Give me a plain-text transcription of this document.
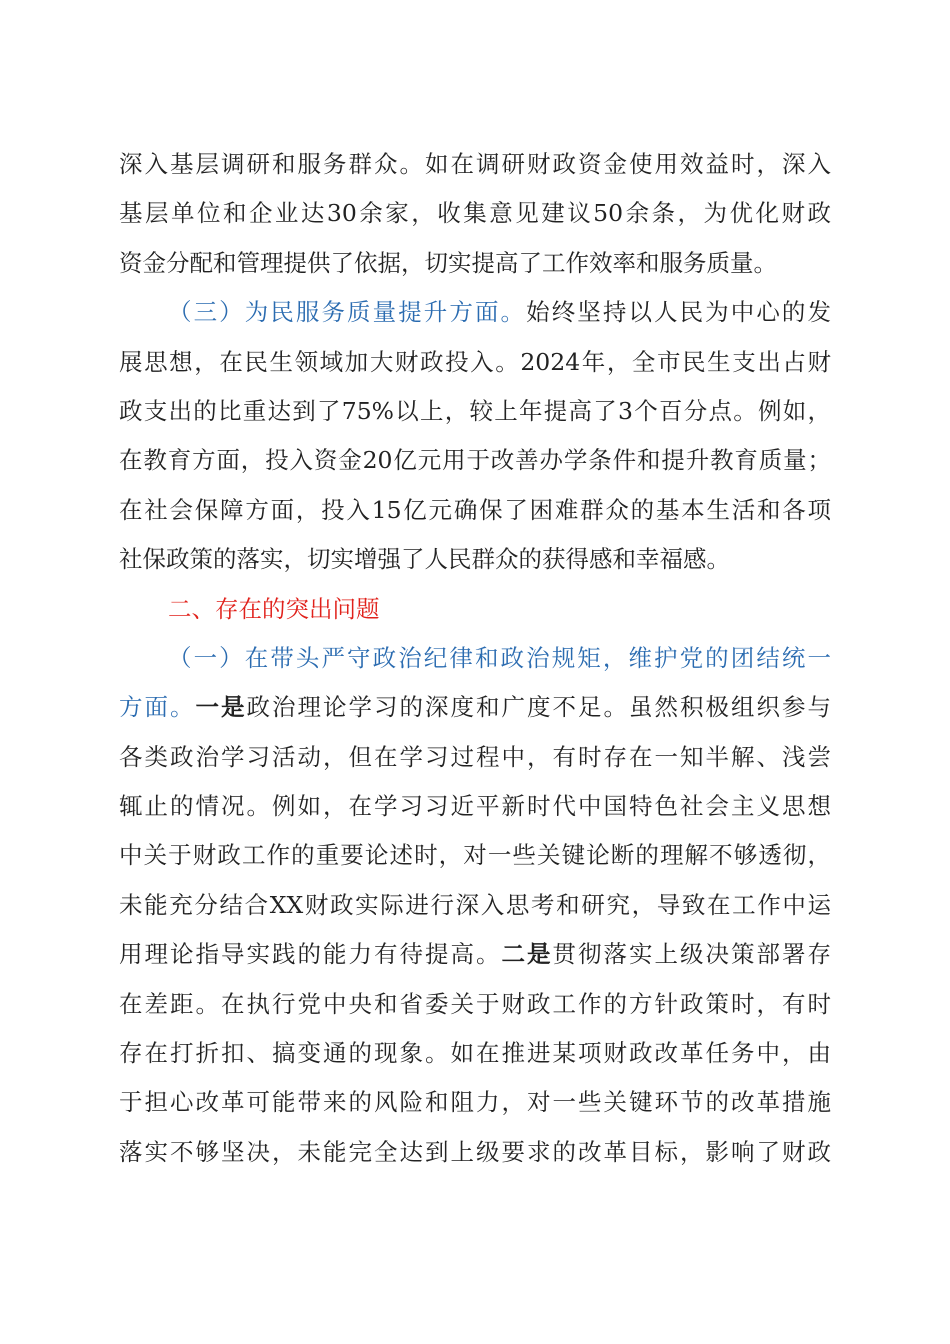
深入基层调研和服务群众。如在调研财政资金使用效益时，深入
基层单位和企业达30余家，收集意见建议50余条，为优化财政
资金分配和管理提供了依据，切实提高了工作效率和服务质量。
（三）为民服务质量提升方面。始终坚持以人民为中心的发
展思想，在民生领域加大财政投入。2024年，全市民生支出占财
政支出的比重达到了75%以上，较上年提高了3个百分点。例如，
在教育方面，投入资金20亿元用于改善办学条件和提升教育质量；
在社会保障方面，投入15亿元确保了困难群众的基本生活和各项
社保政策的落实，切实增强了人民群众的获得感和幸福感。
二、存在的突出问题
（一）在带头严守政治纪律和政治规矩，维护党的团结统一
方面。一是政治理论学习的深度和广度不足。虽然积极组织参与
各类政治学习活动，但在学习过程中，有时存在一知半解、浅尝
辄止的情况。例如，在学习习近平新时代中国特色社会主义思想
中关于财政工作的重要论述时，对一些关键论断的理解不够透彻，
未能充分结合XX财政实际进行深入思考和研究，导致在工作中运
用理论指导实践的能力有待提高。二是贯彻落实上级决策部署存
在差距。在执行党中央和省委关于财政工作的方针政策时，有时
存在打折扣、搞变通的现象。如在推进某项财政改革任务中，由
于担心改革可能带来的风险和阻力，对一些关键环节的改革措施
落实不够坚决，未能完全达到上级要求的改革目标，影响了财政
